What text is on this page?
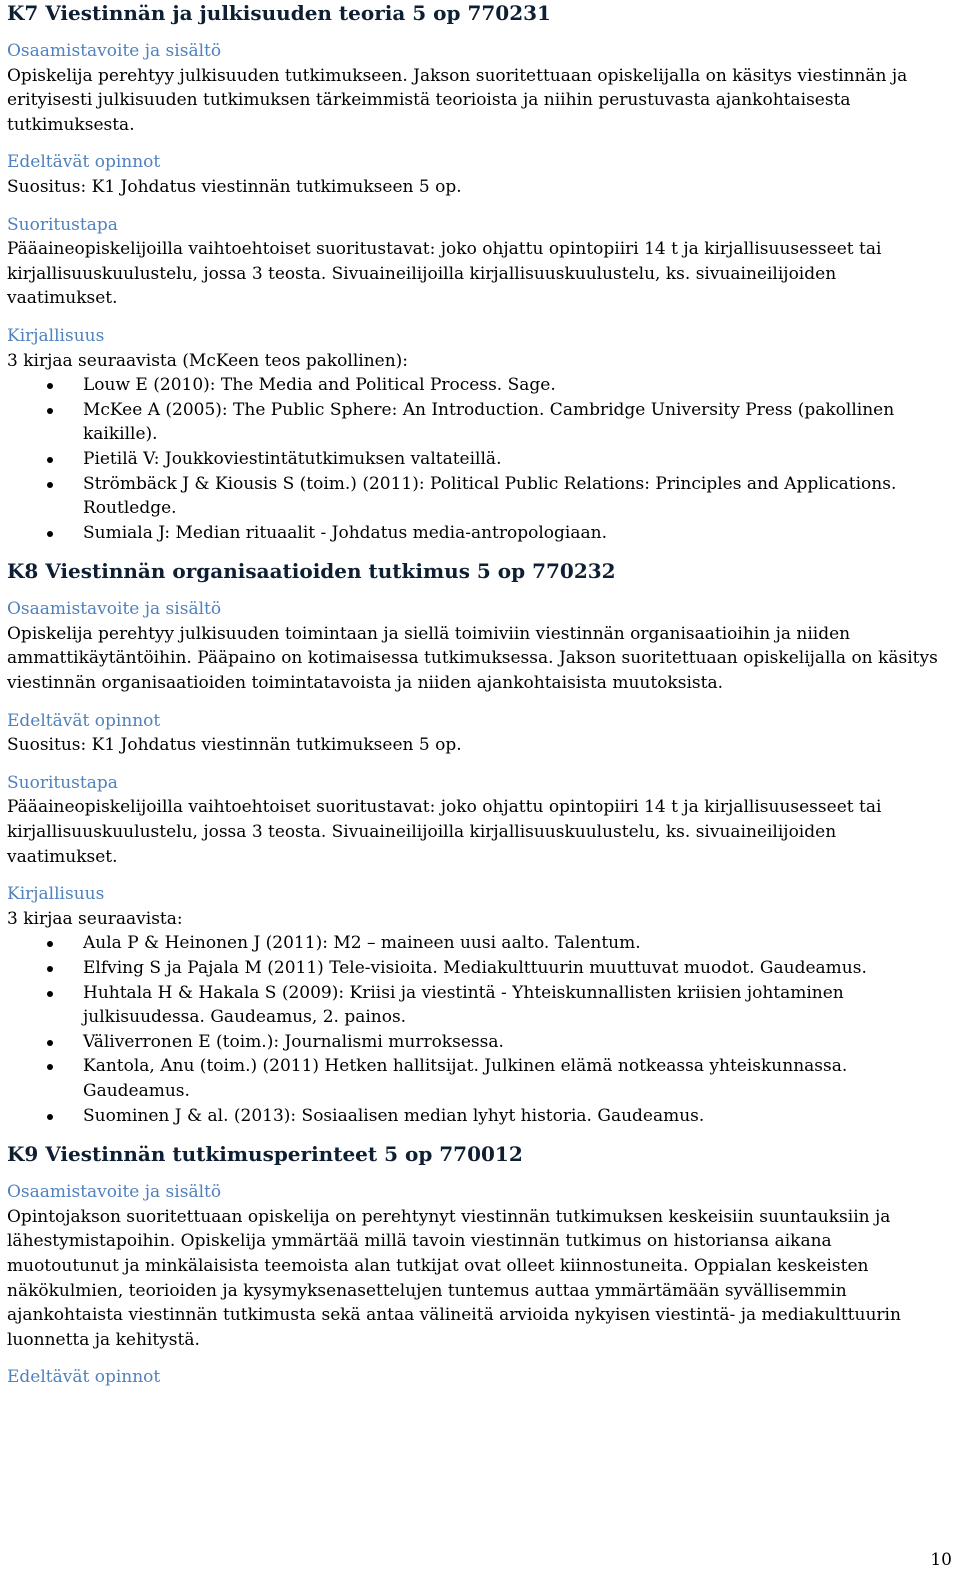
K7 Viestinnän ja julkisuuden teoria 5 op 770231
Osaamistavoite ja sisältö

Opiskelija perehtyy julkisuuden tutkimukseen. Jakson suoritettuaan opiskelijalla on käsitys viestinnän ja erityisesti julkisuuden tutkimuksen tärkeimmistä teorioista ja niihin perustuvasta ajankohtaisesta tutkimuksesta.

Edeltävät opinnot

Suositus: K1 Johdatus viestinnän tutkimukseen 5 op.

Suoritustapa

Pääaineopiskelijoilla vaihtoehtoiset suoritustavat: joko ohjattu opintopiiri 14 t ja kirjallisuusesseet tai kirjallisuuskuulustelu, jossa 3 teosta. Sivuaineilijoilla kirjallisuuskuulustelu, ks. sivuaineilijoiden vaatimukset.

Kirjallisuus

3 kirjaa seuraavista (McKeen teos pakollinen):

Louw E (2010): The Media and Political Process. Sage.
McKee A (2005): The Public Sphere: An Introduction. Cambridge University Press (pakollinen kaikille).
Pietilä V: Joukkoviestintätutkimuksen valtateillä.
Strömbäck J & Kiousis S (toim.) (2011): Political Public Relations: Principles and Applications. Routledge.
Sumiala J: Median rituaalit - Johdatus media-antropologiaan.
K8 Viestinnän organisaatioiden tutkimus 5 op 770232
Osaamistavoite ja sisältö

Opiskelija perehtyy julkisuuden toimintaan ja siellä toimiviin viestinnän organisaatioihin ja niiden ammattikäytäntöihin. Pääpaino on kotimaisessa tutkimuksessa. Jakson suoritettuaan opiskelijalla on käsitys viestinnän organisaatioiden toimintatavoista ja niiden ajankohtaisista muutoksista.

Edeltävät opinnot

Suositus: K1 Johdatus viestinnän tutkimukseen 5 op.

Suoritustapa

Pääaineopiskelijoilla vaihtoehtoiset suoritustavat: joko ohjattu opintopiiri 14 t ja kirjallisuusesseet tai kirjallisuuskuulustelu, jossa 3 teosta. Sivuaineilijoilla kirjallisuuskuulustelu, ks. sivuaineilijoiden vaatimukset.

Kirjallisuus

3 kirjaa seuraavista:

Aula P & Heinonen J (2011): M2 – maineen uusi aalto. Talentum.
Elfving S ja Pajala M (2011) Tele-visioita. Mediakulttuurin muuttuvat muodot. Gaudeamus.
Huhtala H & Hakala S (2009): Kriisi ja viestintä - Yhteiskunnallisten kriisien johtaminen julkisuudessa. Gaudeamus, 2. painos.
Väliverronen E (toim.): Journalismi murroksessa.
Kantola, Anu (toim.) (2011) Hetken hallitsijat. Julkinen elämä notkeassa yhteiskunnassa. Gaudeamus.
Suominen J & al. (2013): Sosiaalisen median lyhyt historia. Gaudeamus.
K9 Viestinnän tutkimusperinteet 5 op 770012
Osaamistavoite ja sisältö

Opintojakson suoritettuaan opiskelija on perehtynyt viestinnän tutkimuksen keskeisiin suuntauksiin ja lähestymistapoihin. Opiskelija ymmärtää millä tavoin viestinnän tutkimus on historiansa aikana muotoutunut ja minkälaisista teemoista alan tutkijat ovat olleet kiinnostuneita. Oppialan keskeisten näkökulmien, teorioiden ja kysymyksenasettelujen tuntemus auttaa ymmärtämään syvällisemmin ajankohtaista viestinnän tutkimusta sekä antaa välineitä arvioida nykyisen viestintä- ja mediakulttuurin luonnetta ja kehitystä.

Edeltävät opinnot
10
